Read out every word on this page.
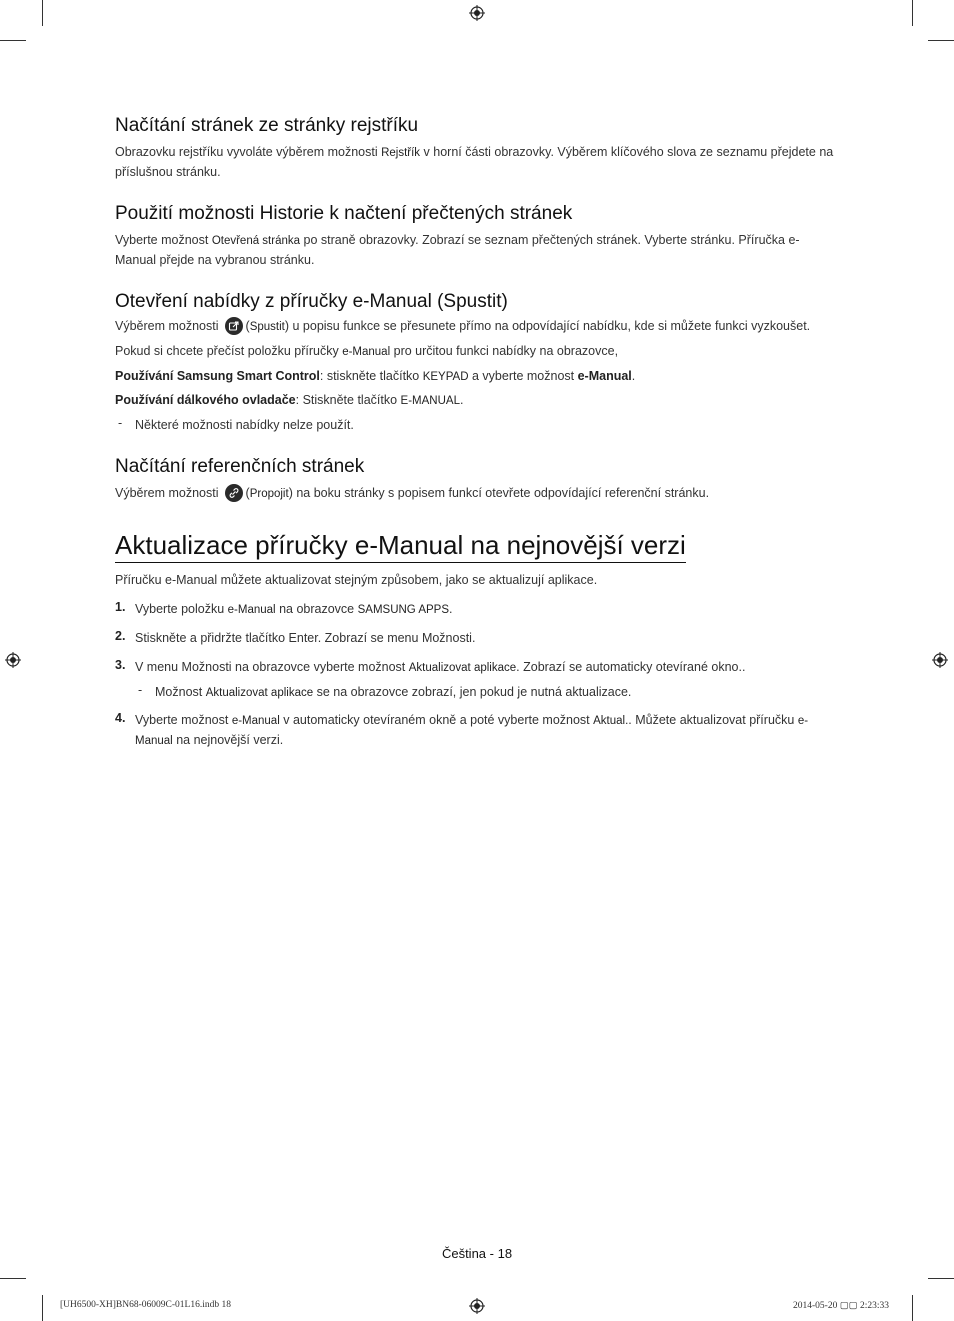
Načítání stránek ze stránky rejstříku
Obrazovku rejstříku vyvoláte výběrem možnosti Rejstřík v horní části obrazovky. Výběrem klíčového slova ze seznamu přejdete na příslušnou stránku.
Použití možnosti Historie k načtení přečtených stránek
Vyberte možnost Otevřená stránka po straně obrazovky. Zobrazí se seznam přečtených stránek. Vyberte stránku. Příručka e-Manual přejde na vybranou stránku.
Otevření nabídky z příručky e-Manual (Spustit)
Výběrem možnosti (Spustit) u popisu funkce se přesunete přímo na odpovídající nabídku, kde si můžete funkci vyzkoušet.
Pokud si chcete přečíst položku příručky e-Manual pro určitou funkci nabídky na obrazovce,
Používání Samsung Smart Control: stiskněte tlačítko KEYPAD a vyberte možnost e-Manual.
Používání dálkového ovladače: Stiskněte tlačítko E-MANUAL.
- Některé možnosti nabídky nelze použít.
Načítání referenčních stránek
Výběrem možnosti (Propojit) na boku stránky s popisem funkcí otevřete odpovídající referenční stránku.
Aktualizace příručky e-Manual na nejnovější verzi
Příručku e-Manual můžete aktualizovat stejným způsobem, jako se aktualizují aplikace.
1. Vyberte položku e-Manual na obrazovce SAMSUNG APPS.
2. Stiskněte a přidržte tlačítko Enter. Zobrazí se menu Možnosti.
3. V menu Možnosti na obrazovce vyberte možnost Aktualizovat aplikace. Zobrazí se automaticky otevírané okno..
- Možnost Aktualizovat aplikace se na obrazovce zobrazí, jen pokud je nutná aktualizace.
4. Vyberte možnost e-Manual v automaticky otevíraném okně a poté vyberte možnost Aktual.. Můžete aktualizovat příručku e-Manual na nejnovější verzi.
Čeština - 18
[UH6500-XH]BN68-06009C-01L16.indb 18	2014-05-20 ▢▢ 2:23:33
